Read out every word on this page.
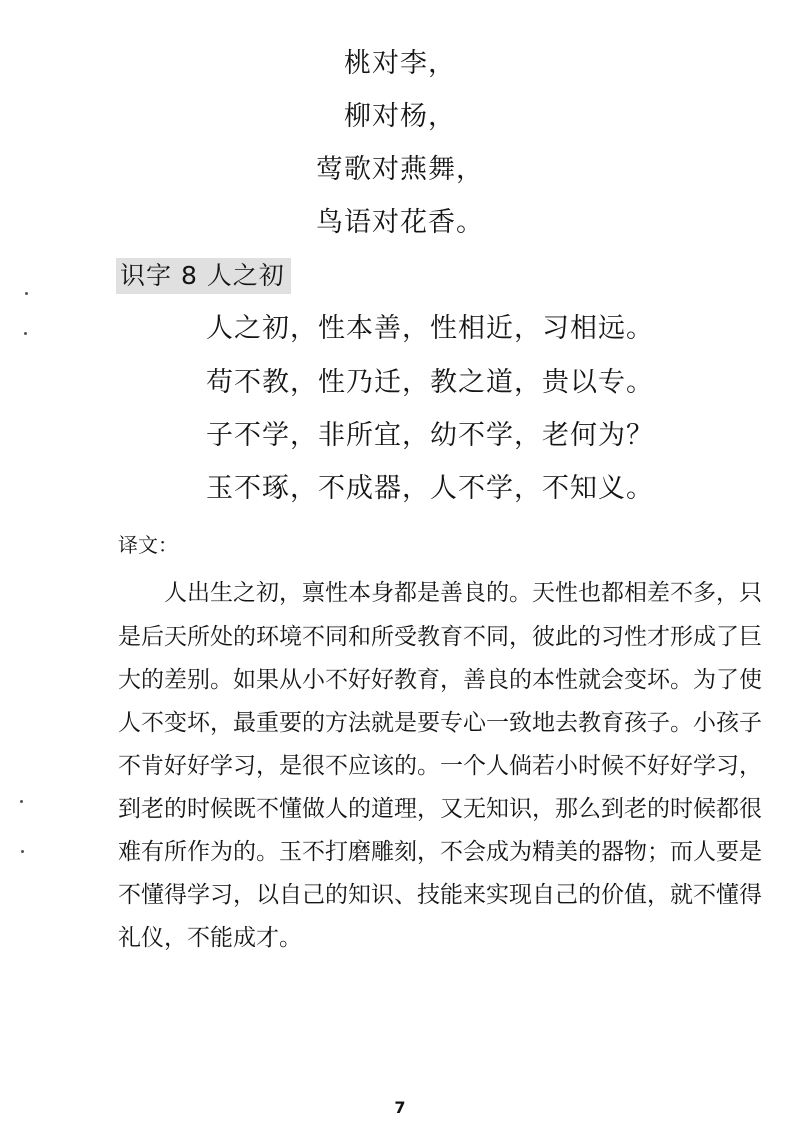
桃对李，
柳对杨，
莺歌对燕舞，
鸟语对花香。
识字 8 人之初
人之初，性本善，性相近，习相远。
苟不教，性乃迁，教之道，贵以专。
子不学，非所宜，幼不学，老何为？
玉不琢，不成器，人不学，不知义。
译文：
人出生之初，禀性本身都是善良的。天性也都相差不多，只
是后天所处的环境不同和所受教育不同，彼此的习性才形成了巨
大的差别。如果从小不好好教育，善良的本性就会变坏。为了使
人不变坏，最重要的方法就是要专心一致地去教育孩子。小孩子
不肯好好学习，是很不应该的。一个人倘若小时候不好好学习，
到老的时候既不懂做人的道理，又无知识，那么到老的时候都很
难有所作为的。玉不打磨雕刻，不会成为精美的器物；而人要是
不懂得学习，以自己的知识、技能来实现自己的价值，就不懂得
礼仪，不能成才。
7
